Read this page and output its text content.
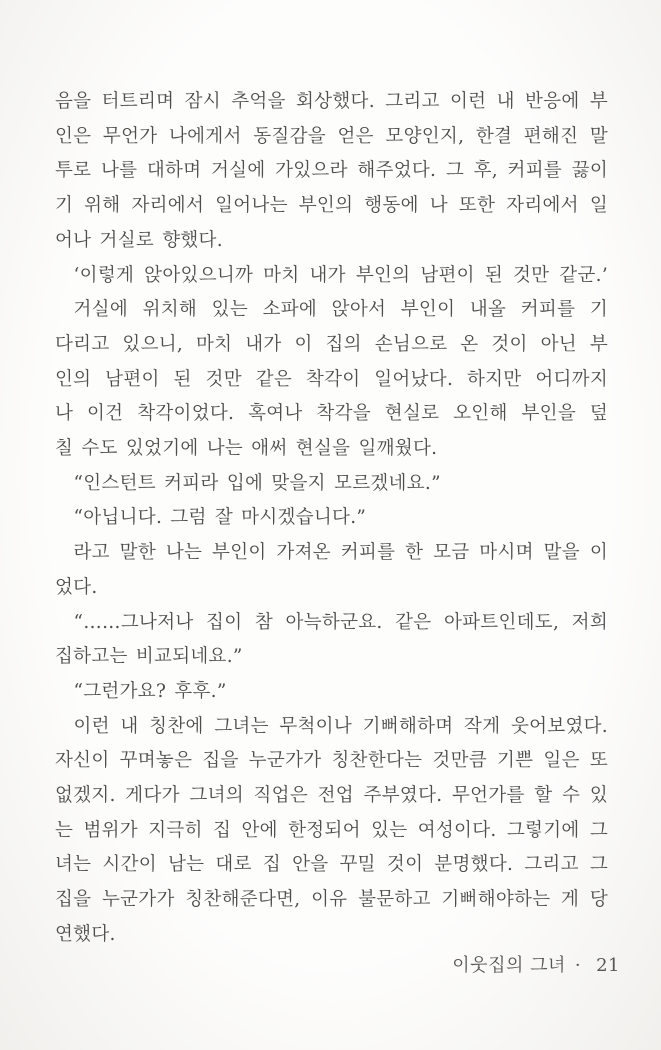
음을 터트리며 잠시 추억을 회상했다. 그리고 이런 내 반응에 부
인은 무언가 나에게서 동질감을 얻은 모양인지, 한결 편해진 말
투로 나를 대하며 거실에 가있으라 해주었다. 그 후, 커피를 끓이
기 위해 자리에서 일어나는 부인의 행동에 나 또한 자리에서 일
어나 거실로 향했다.
‘이렇게 앉아있으니까 마치 내가 부인의 남편이 된 것만 같군.’
거실에 위치해 있는 소파에 앉아서 부인이 내올 커피를 기
다리고 있으니, 마치 내가 이 집의 손님으로 온 것이 아닌 부
인의 남편이 된 것만 같은 착각이 일어났다. 하지만 어디까지
나 이건 착각이었다. 혹여나 착각을 현실로 오인해 부인을 덮
칠 수도 있었기에 나는 애써 현실을 일깨웠다.
“인스턴트 커피라 입에 맞을지 모르겠네요.”
“아닙니다. 그럼 잘 마시겠습니다.”
라고 말한 나는 부인이 가져온 커피를 한 모금 마시며 말을 이
었다.
“……그나저나 집이 참 아늑하군요. 같은 아파트인데도, 저희
집하고는 비교되네요.”
“그런가요? 후후.”
이런 내 칭찬에 그녀는 무척이나 기뻐해하며 작게 웃어보였다.
자신이 꾸며놓은 집을 누군가가 칭찬한다는 것만큼 기쁜 일은 또
없겠지. 게다가 그녀의 직업은 전업 주부였다. 무언가를 할 수 있
는 범위가 지극히 집 안에 한정되어 있는 여성이다. 그렇기에 그
녀는 시간이 남는 대로 집 안을 꾸밀 것이 분명했다. 그리고 그
집을 누군가가 칭찬해준다면, 이유 불문하고 기뻐해야하는 게 당
연했다.
이웃집의 그녀 · 21
